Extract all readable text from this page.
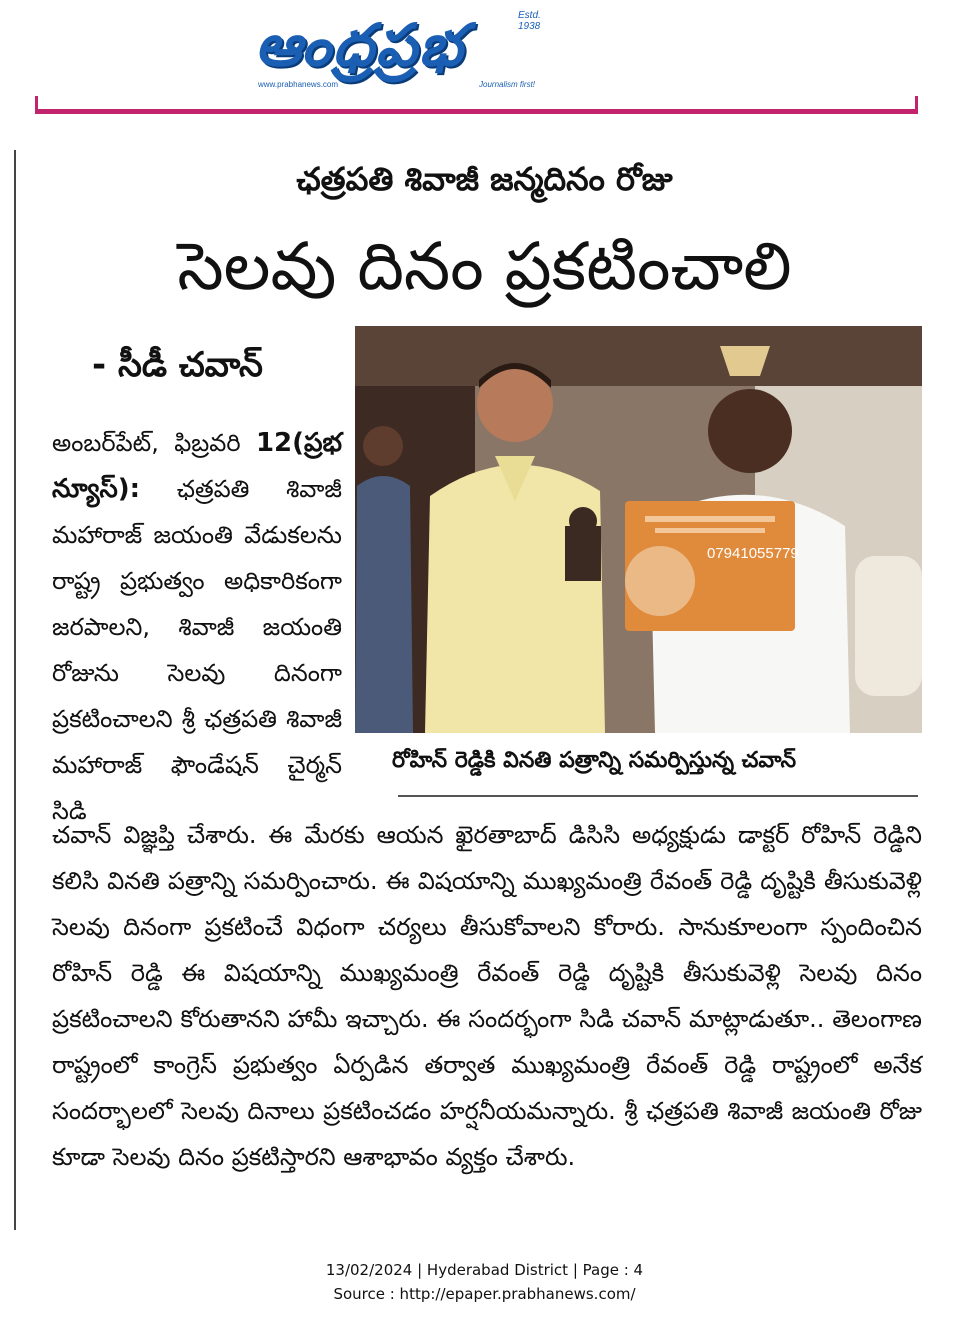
ఆంధ్రప్రభ	Estd. 1938
www.prabhanews.com	Journalism first!
ఛత్రపతి శివాజీ జన్మదినం రోజు
సెలవు దినం ప్రకటించాలి
- సీడీ చవాన్
07941055779
రోహిన్ రెడ్డికి వినతి పత్రాన్ని సమర్పిస్తున్న చవాన్
అంబర్‌పేట్, ఫిబ్రవరి 12(ప్రభ న్యూస్): ఛత్రపతి శివాజీ మహారాజ్ జయంతి వేడుకలను రాష్ట్ర ప్రభుత్వం అధికారికంగా జరపాలని, శివాజీ జయంతి రోజును సెలవు దినంగా ప్రకటించాలని శ్రీ ఛత్రపతి శివాజీ మహారాజ్ ఫౌండేషన్ చైర్మన్ సిడి
చవాన్ విజ్ఞప్తి చేశారు. ఈ మేరకు ఆయన ఖైరతాబాద్ డిసిసి అధ్యక్షుడు డాక్టర్ రోహిన్ రెడ్డిని కలిసి వినతి పత్రాన్ని సమర్పించారు. ఈ విషయాన్ని ముఖ్యమంత్రి రేవంత్ రెడ్డి దృష్టికి తీసుకువెళ్లి సెలవు దినంగా ప్రకటించే విధంగా చర్యలు తీసుకోవాలని కోరారు. సానుకూలంగా స్పందించిన రోహిన్ రెడ్డి ఈ విషయాన్ని ముఖ్యమంత్రి రేవంత్ రెడ్డి దృష్టికి తీసుకువెళ్లి సెలవు దినం ప్రకటించాలని కోరుతానని హామీ ఇచ్చారు. ఈ సందర్భంగా సిడి చవాన్ మాట్లాడుతూ.. తెలంగాణ రాష్ట్రంలో కాంగ్రెస్ ప్రభుత్వం ఏర్పడిన తర్వాత ముఖ్యమంత్రి రేవంత్ రెడ్డి రాష్ట్రంలో అనేక సందర్భాలలో సెలవు దినాలు ప్రకటించడం హర్షనీయమన్నారు. శ్రీ ఛత్రపతి శివాజీ జయంతి రోజు కూడా సెలవు దినం ప్రకటిస్తారని ఆశాభావం వ్యక్తం చేశారు.
13/02/2024 | Hyderabad District | Page : 4
Source : http://epaper.prabhanews.com/
